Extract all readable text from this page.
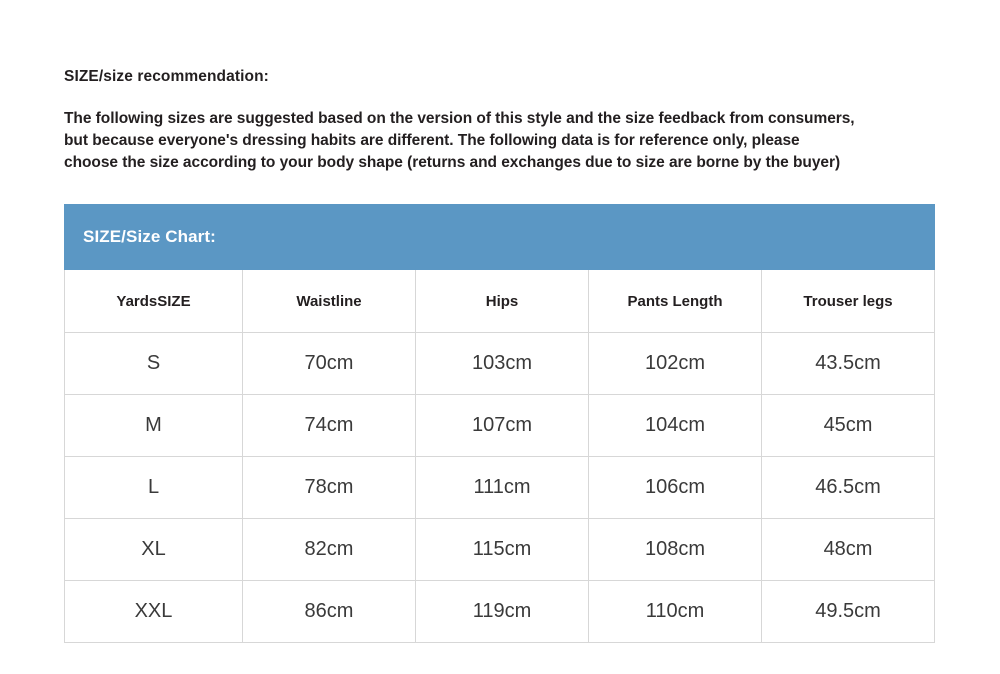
SIZE/size recommendation:
The following sizes are suggested based on the version of this style and the size feedback from consumers,
but because everyone's dressing habits are different. The following data is for reference only, please
choose the size according to your body shape (returns and exchanges due to size are borne by the buyer)
SIZE/Size Chart:				
YardsSIZE	Waistline	Hips	Pants Length	Trouser legs
S	70cm	103cm	102cm	43.5cm
M	74cm	107cm	104cm	45cm
L	78cm	111cm	106cm	46.5cm
XL	82cm	115cm	108cm	48cm
XXL	86cm	119cm	110cm	49.5cm
